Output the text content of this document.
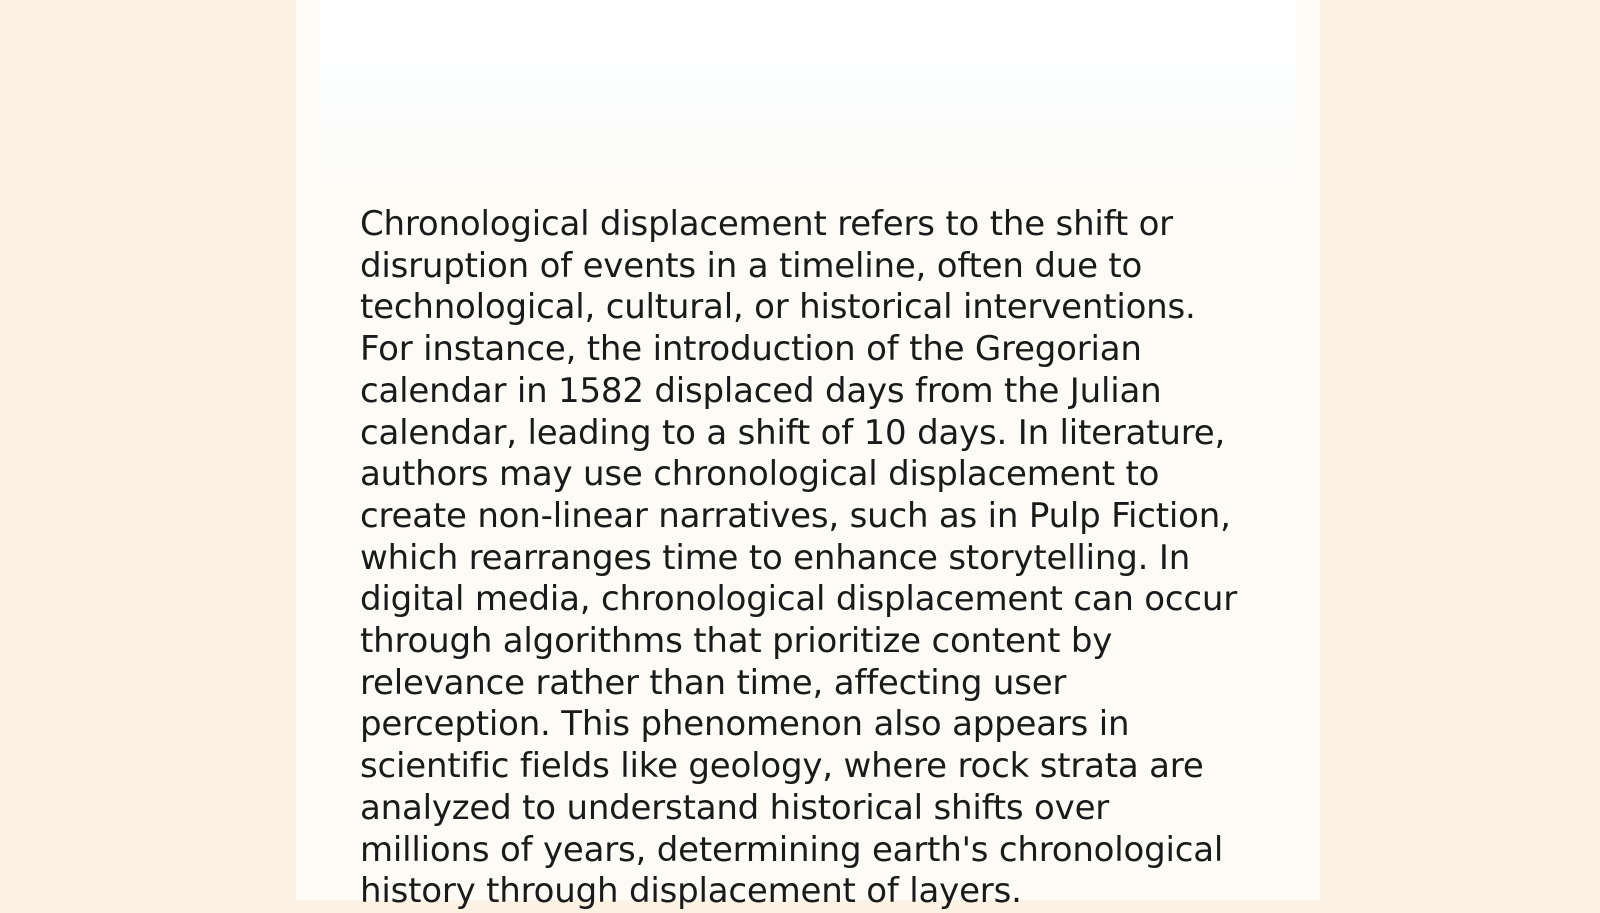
Chronological displacement refers to the shift or disruption of events in a timeline, often due to technological, cultural, or historical interventions. For instance, the introduction of the Gregorian calendar in 1582 displaced days from the Julian calendar, leading to a shift of 10 days. In literature, authors may use chronological displacement to create non-linear narratives, such as in Pulp Fiction, which rearranges time to enhance storytelling. In digital media, chronological displacement can occur through algorithms that prioritize content by relevance rather than time, affecting user perception. This phenomenon also appears in scientific fields like geology, where rock strata are analyzed to understand historical shifts over millions of years, determining earth's chronological history through displacement of layers.
